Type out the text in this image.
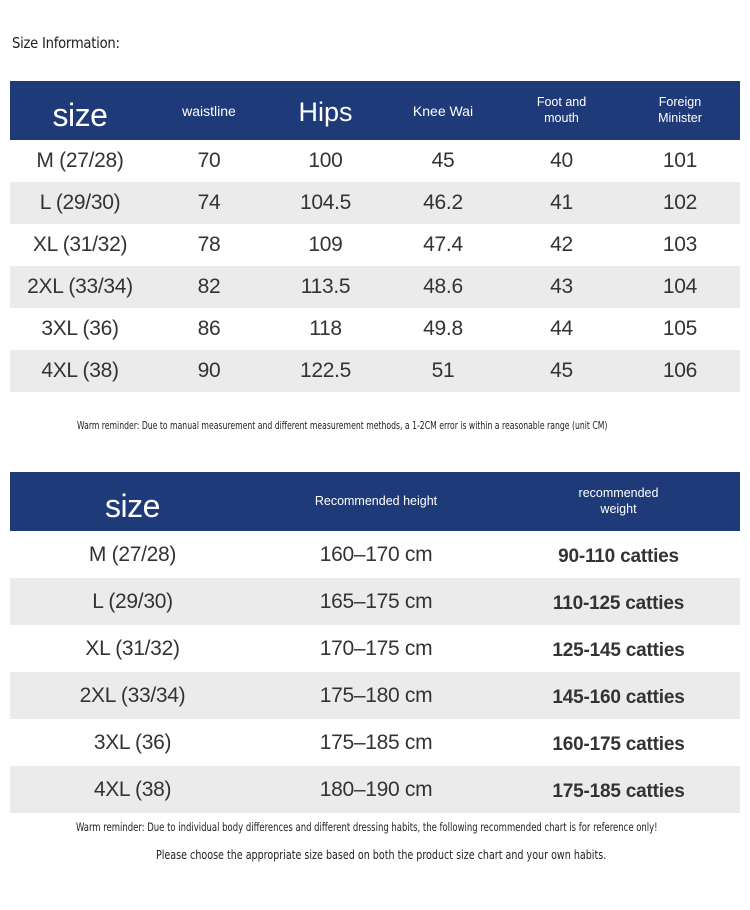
Size Information:
size	waistline	Hips	Knee Wai	Foot and mouth	Foreign Minister

M (27/28)	70	100	45	40	101
L (29/30)	74	104.5	46.2	41	102
XL (31/32)	78	109	47.4	42	103
2XL (33/34)	82	113.5	48.6	43	104
3XL (36)	86	118	49.8	44	105
4XL (38)	90	122.5	51	45	106
Warm reminder: Due to manual measurement and different measurement methods, a 1-2CM error is within a reasonable range (unit CM)
size	Recommended height	recommended weight

M (27/28)	160–170 cm	90-110 catties
L (29/30)	165–175 cm	110-125 catties
XL (31/32)	170–175 cm	125-145 catties
2XL (33/34)	175–180 cm	145-160 catties
3XL (36)	175–185 cm	160-175 catties
4XL (38)	180–190 cm	175-185 catties
Warm reminder: Due to individual body differences and different dressing habits, the following recommended chart is for reference only!
Please choose the appropriate size based on both the product size chart and your own habits.
